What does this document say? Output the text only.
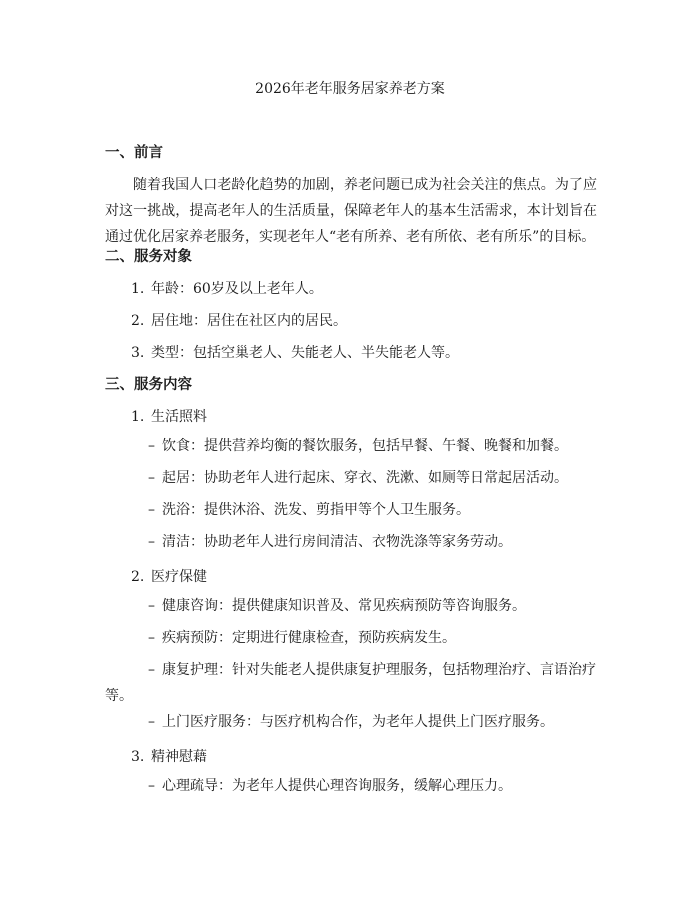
2026年老年服务居家养老方案
一、前言

随着我国人口老龄化趋势的加剧，养老问题已成为社会关注的焦点。为了应对这一挑战，提高老年人的生活质量，保障老年人的基本生活需求，本计划旨在通过优化居家养老服务，实现老年人“老有所养、老有所依、老有所乐”的目标。

二、服务对象

1. 年龄：60岁及以上老年人。

2. 居住地：居住在社区内的居民。

3. 类型：包括空巢老人、失能老人、半失能老人等。

三、服务内容

1. 生活照料

– 饮食：提供营养均衡的餐饮服务，包括早餐、午餐、晚餐和加餐。

– 起居：协助老年人进行起床、穿衣、洗漱、如厕等日常起居活动。

– 洗浴：提供沐浴、洗发、剪指甲等个人卫生服务。

– 清洁：协助老年人进行房间清洁、衣物洗涤等家务劳动。

2. 医疗保健

– 健康咨询：提供健康知识普及、常见疾病预防等咨询服务。

– 疾病预防：定期进行健康检查，预防疾病发生。

– 康复护理：针对失能老人提供康复护理服务，包括物理治疗、言语治疗等。

– 上门医疗服务：与医疗机构合作，为老年人提供上门医疗服务。

3. 精神慰藉

– 心理疏导：为老年人提供心理咨询服务，缓解心理压力。
